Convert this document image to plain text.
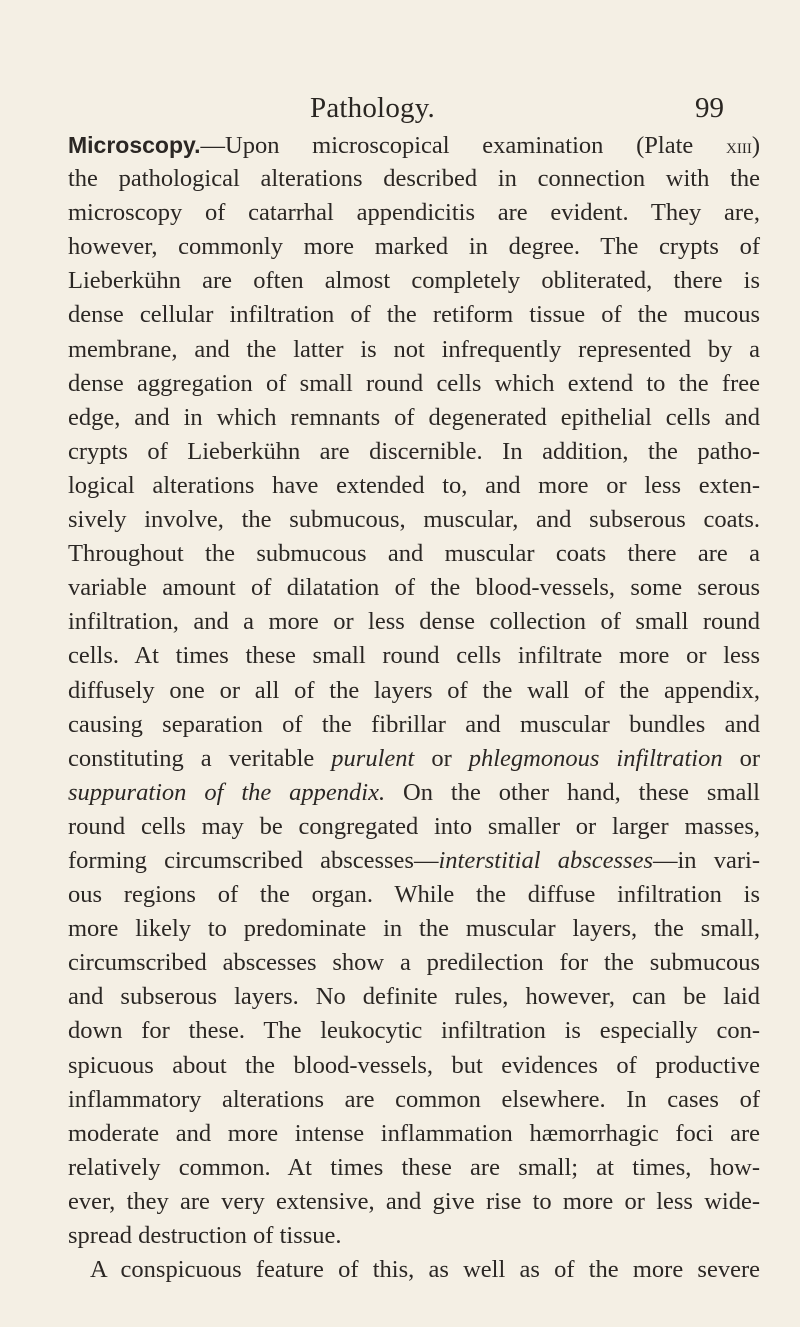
Pathology.	99
Microscopy.—Upon microscopical examination (Plate xiii)
the pathological alterations described in connection with the
microscopy of catarrhal appendicitis are evident. They are,
however, commonly more marked in degree. The crypts of
Lieberkühn are often almost completely obliterated, there is
dense cellular infiltration of the retiform tissue of the mucous
membrane, and the latter is not infrequently represented by a
dense aggregation of small round cells which extend to the free
edge, and in which remnants of degenerated epithelial cells and
crypts of Lieberkühn are discernible. In addition, the patho-
logical alterations have extended to, and more or less exten-
sively involve, the submucous, muscular, and subserous coats.
Throughout the submucous and muscular coats there are a
variable amount of dilatation of the blood-vessels, some serous
infiltration, and a more or less dense collection of small round
cells. At times these small round cells infiltrate more or less
diffusely one or all of the layers of the wall of the appendix,
causing separation of the fibrillar and muscular bundles and
constituting a veritable purulent or phlegmonous infiltration or
suppuration of the appendix. On the other hand, these small
round cells may be congregated into smaller or larger masses,
forming circumscribed abscesses—interstitial abscesses—in vari-
ous regions of the organ. While the diffuse infiltration is
more likely to predominate in the muscular layers, the small,
circumscribed abscesses show a predilection for the submucous
and subserous layers. No definite rules, however, can be laid
down for these. The leukocytic infiltration is especially con-
spicuous about the blood-vessels, but evidences of productive
inflammatory alterations are common elsewhere. In cases of
moderate and more intense inflammation hæmorrhagic foci are
relatively common. At times these are small; at times, how-
ever, they are very extensive, and give rise to more or less wide-
spread destruction of tissue.
A conspicuous feature of this, as well as of the more severe
